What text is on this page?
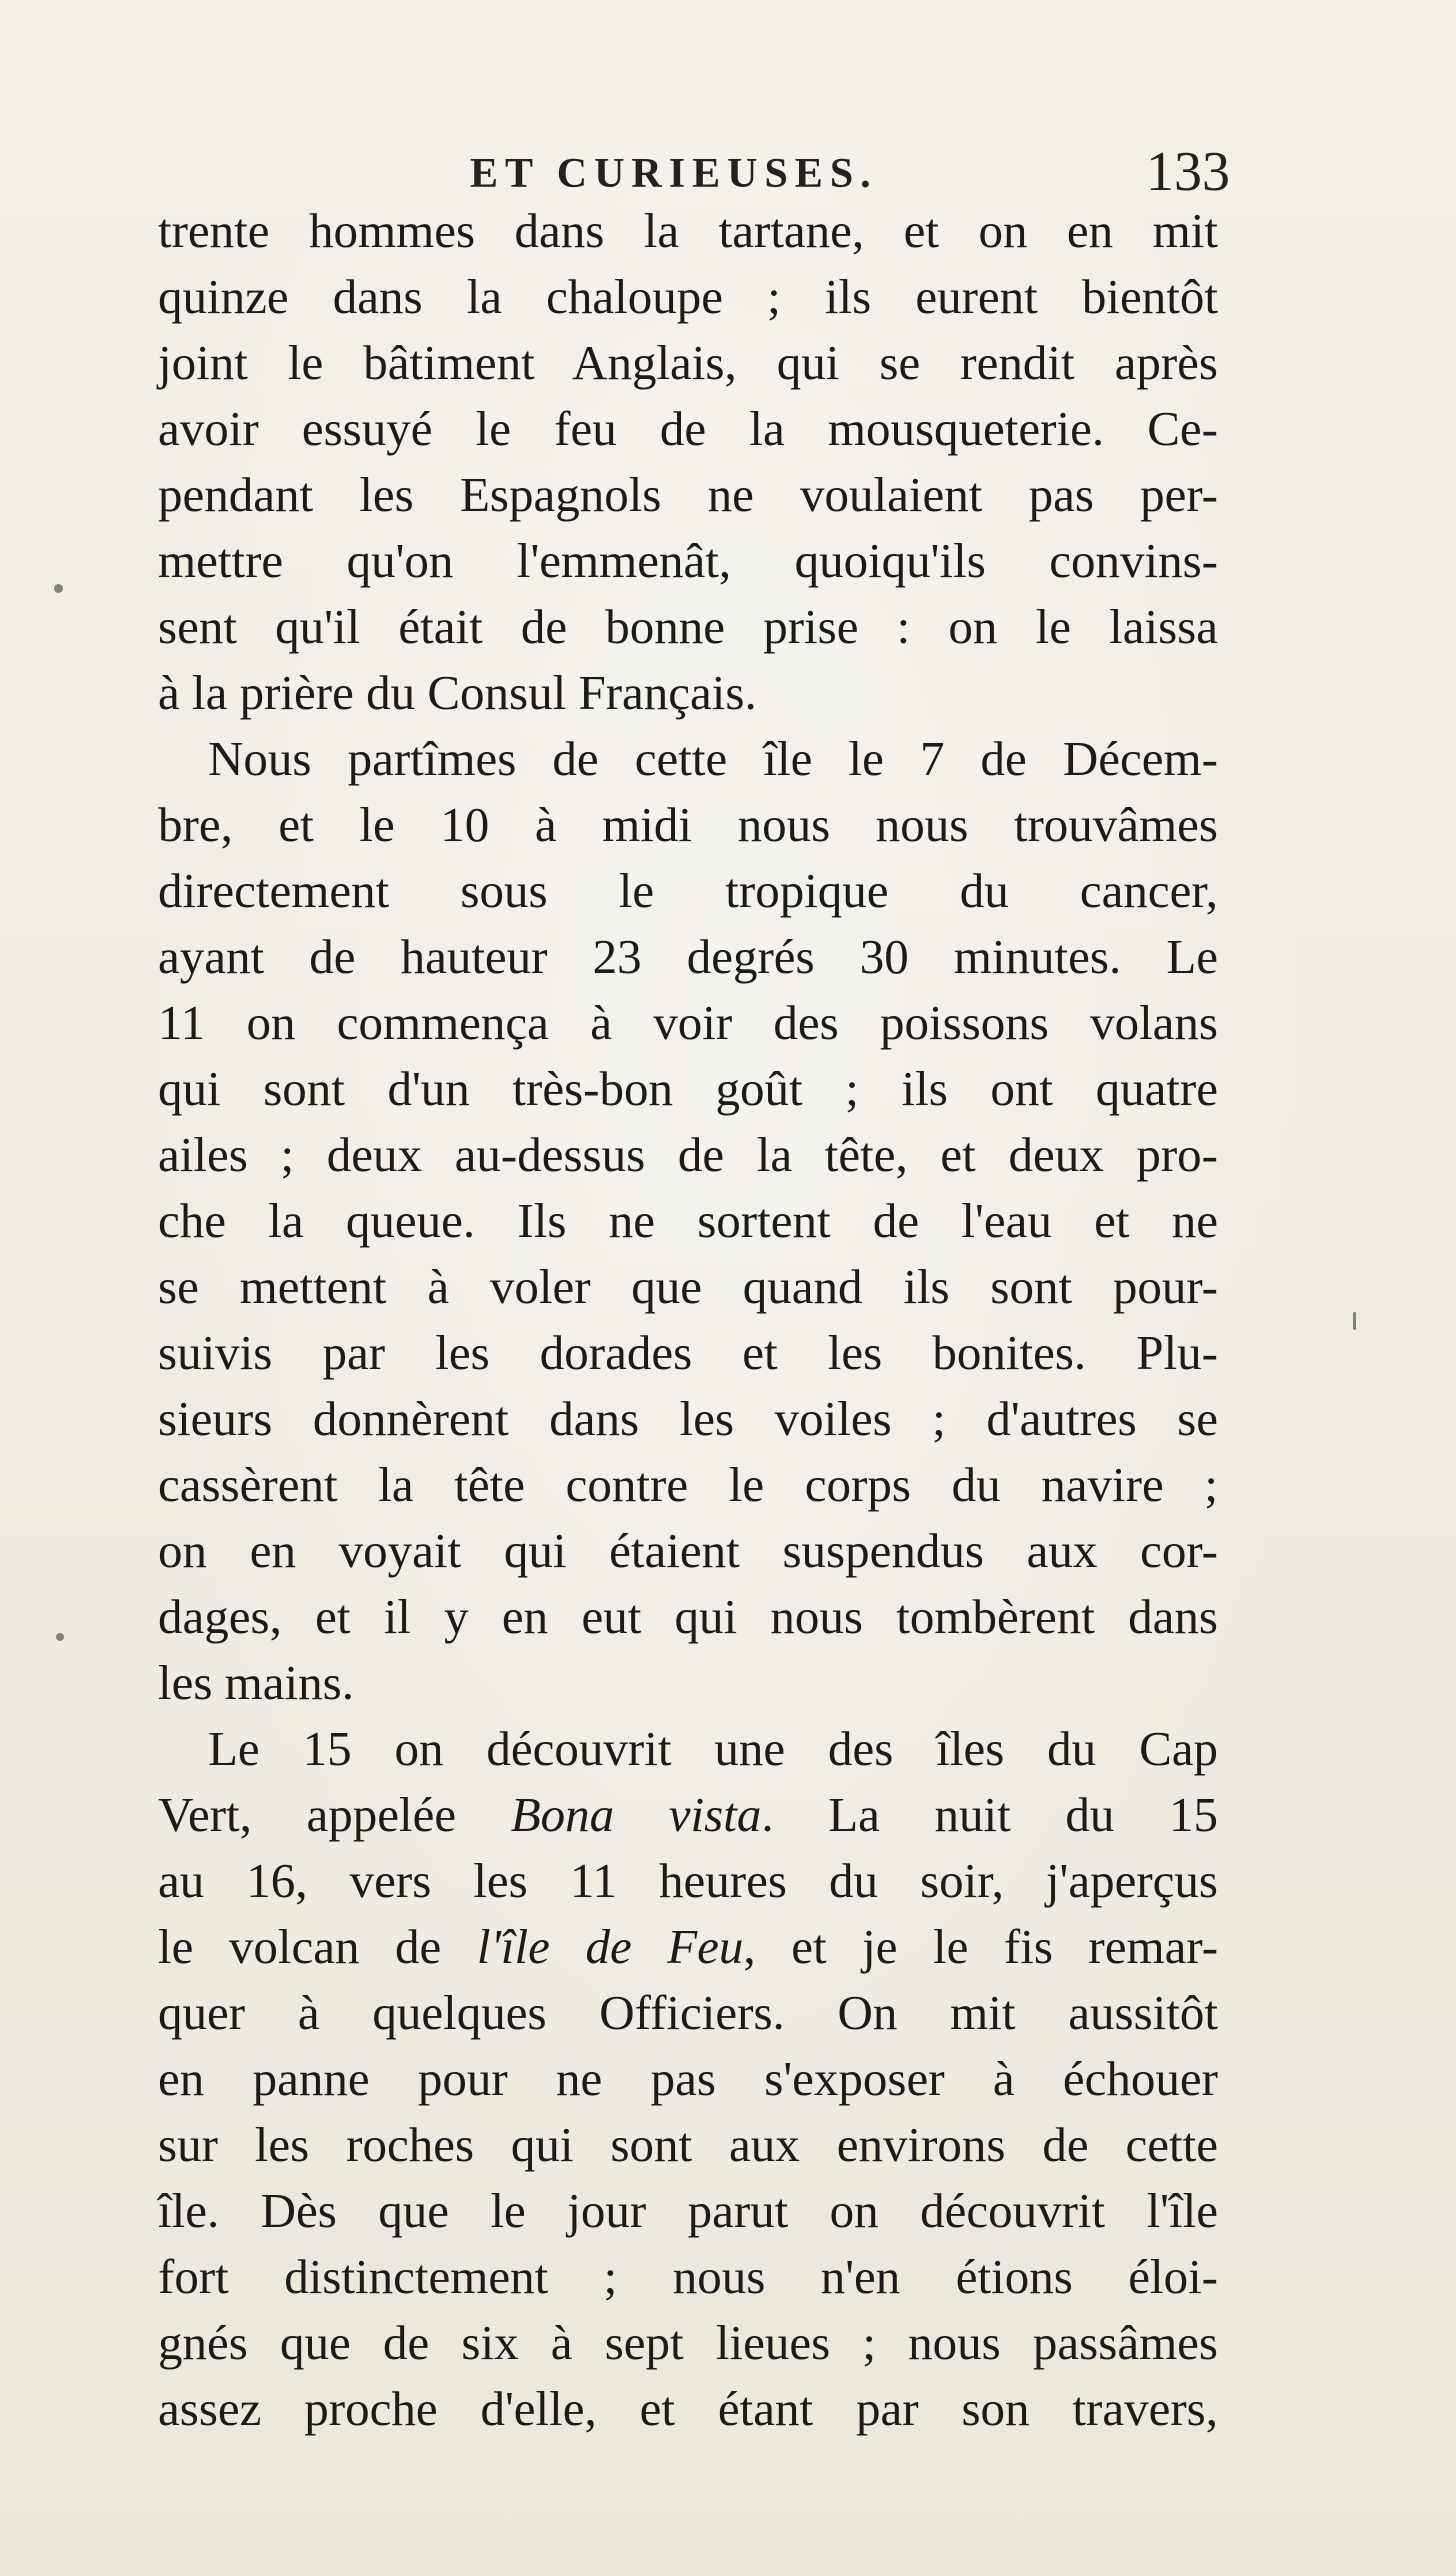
ET CURIEUSES.	133
trente hommes dans la tartane, et on en mit
quinze dans la chaloupe ; ils eurent bientôt
joint le bâtiment Anglais, qui se rendit après
avoir essuyé le feu de la mousqueterie. Ce-
pendant les Espagnols ne voulaient pas per-
mettre qu'on l'emmenât, quoiqu'ils convins-
sent qu'il était de bonne prise : on le laissa
à la prière du Consul Français.
Nous partîmes de cette île le 7 de Décem-
bre, et le 10 à midi nous nous trouvâmes
directement sous le tropique du cancer,
ayant de hauteur 23 degrés 30 minutes. Le
11 on commença à voir des poissons volans
qui sont d'un très-bon goût ; ils ont quatre
ailes ; deux au-dessus de la tête, et deux pro-
che la queue. Ils ne sortent de l'eau et ne
se mettent à voler que quand ils sont pour-
suivis par les dorades et les bonites. Plu-
sieurs donnèrent dans les voiles ; d'autres se
cassèrent la tête contre le corps du navire ;
on en voyait qui étaient suspendus aux cor-
dages, et il y en eut qui nous tombèrent dans
les mains.
Le 15 on découvrit une des îles du Cap
Vert, appelée Bona vista. La nuit du 15
au 16, vers les 11 heures du soir, j'aperçus
le volcan de l'île de Feu, et je le fis remar-
quer à quelques Officiers. On mit aussitôt
en panne pour ne pas s'exposer à échouer
sur les roches qui sont aux environs de cette
île. Dès que le jour parut on découvrit l'île
fort distinctement ; nous n'en étions éloi-
gnés que de six à sept lieues ; nous passâmes
assez proche d'elle, et étant par son travers,
